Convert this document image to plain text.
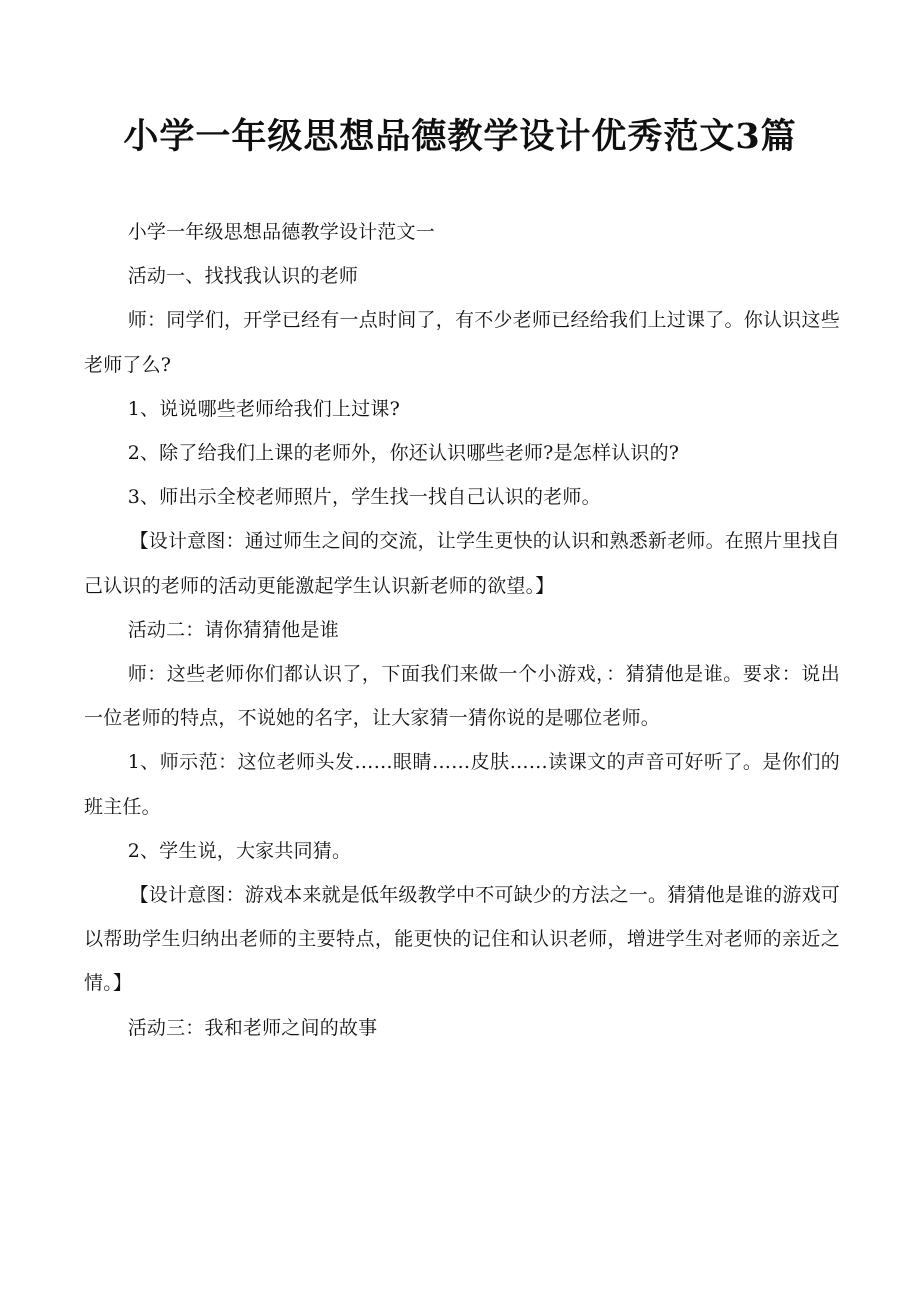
小学一年级思想品德教学设计优秀范文3篇

小学一年级思想品德教学设计范文一

活动一、找找我认识的老师

师：同学们，开学已经有一点时间了，有不少老师已经给我们上过课了。你认识这些老师了么?

1、说说哪些老师给我们上过课?

2、除了给我们上课的老师外，你还认识哪些老师?是怎样认识的?

3、师出示全校老师照片，学生找一找自己认识的老师。

【设计意图：通过师生之间的交流，让学生更快的认识和熟悉新老师。在照片里找自己认识的老师的活动更能激起学生认识新老师的欲望。】

活动二：请你猜猜他是谁

师：这些老师你们都认识了，下面我们来做一个小游戏，：猜猜他是谁。要求：说出一位老师的特点，不说她的名字，让大家猜一猜你说的是哪位老师。

1、师示范：这位老师头发……眼睛……皮肤……读课文的声音可好听了。是你们的班主任。

2、学生说，大家共同猜。

【设计意图：游戏本来就是低年级教学中不可缺少的方法之一。猜猜他是谁的游戏可以帮助学生归纳出老师的主要特点，能更快的记住和认识老师，增进学生对老师的亲近之情。】

活动三：我和老师之间的故事
